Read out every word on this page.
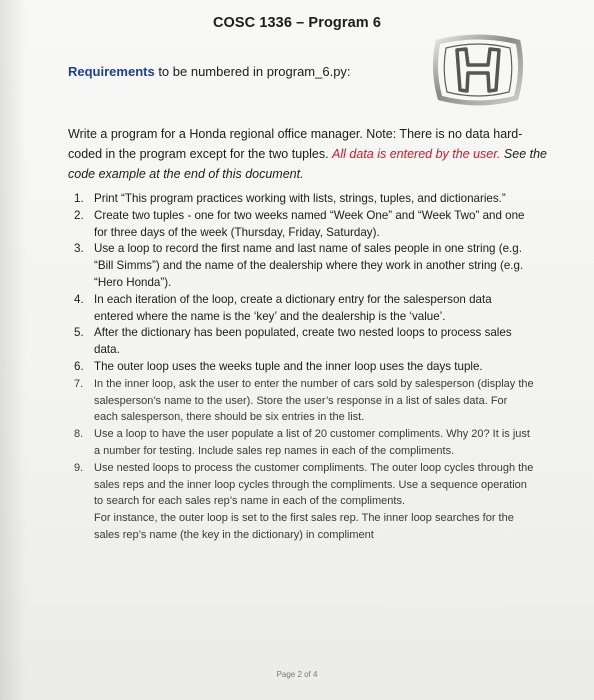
COSC 1336 – Program 6
Requirements to be numbered in program_6.py:
Write a program for a Honda regional office manager. Note: There is no data hard-coded in the program except for the two tuples. All data is entered by the user. See the code example at the end of this document.
1. Print “This program practices working with lists, strings, tuples, and dictionaries.”
2. Create two tuples - one for two weeks named “Week One” and “Week Two” and one for three days of the week (Thursday, Friday, Saturday).
3. Use a loop to record the first name and last name of sales people in one string (e.g. “Bill Simms”) and the name of the dealership where they work in another string (e.g. “Hero Honda”).
4. In each iteration of the loop, create a dictionary entry for the salesperson data entered where the name is the ‘key’ and the dealership is the ‘value’.
5. After the dictionary has been populated, create two nested loops to process sales data.
6. The outer loop uses the weeks tuple and the inner loop uses the days tuple.
7. In the inner loop, ask the user to enter the number of cars sold by salesperson (display the salesperson’s name to the user). Store the user’s response in a list of sales data. For each salesperson, there should be six entries in the list.
8. Use a loop to have the user populate a list of 20 customer compliments. Why 20? It is just a number for testing. Include sales rep names in each of the compliments.
9. Use nested loops to process the customer compliments. The outer loop cycles through the sales reps and the inner loop cycles through the compliments. Use a sequence operation to search for each sales rep’s name in each of the compliments.
For instance, the outer loop is set to the first sales rep. The inner loop searches for the sales rep’s name (the key in the dictionary) in compliment
Page 2 of 4
